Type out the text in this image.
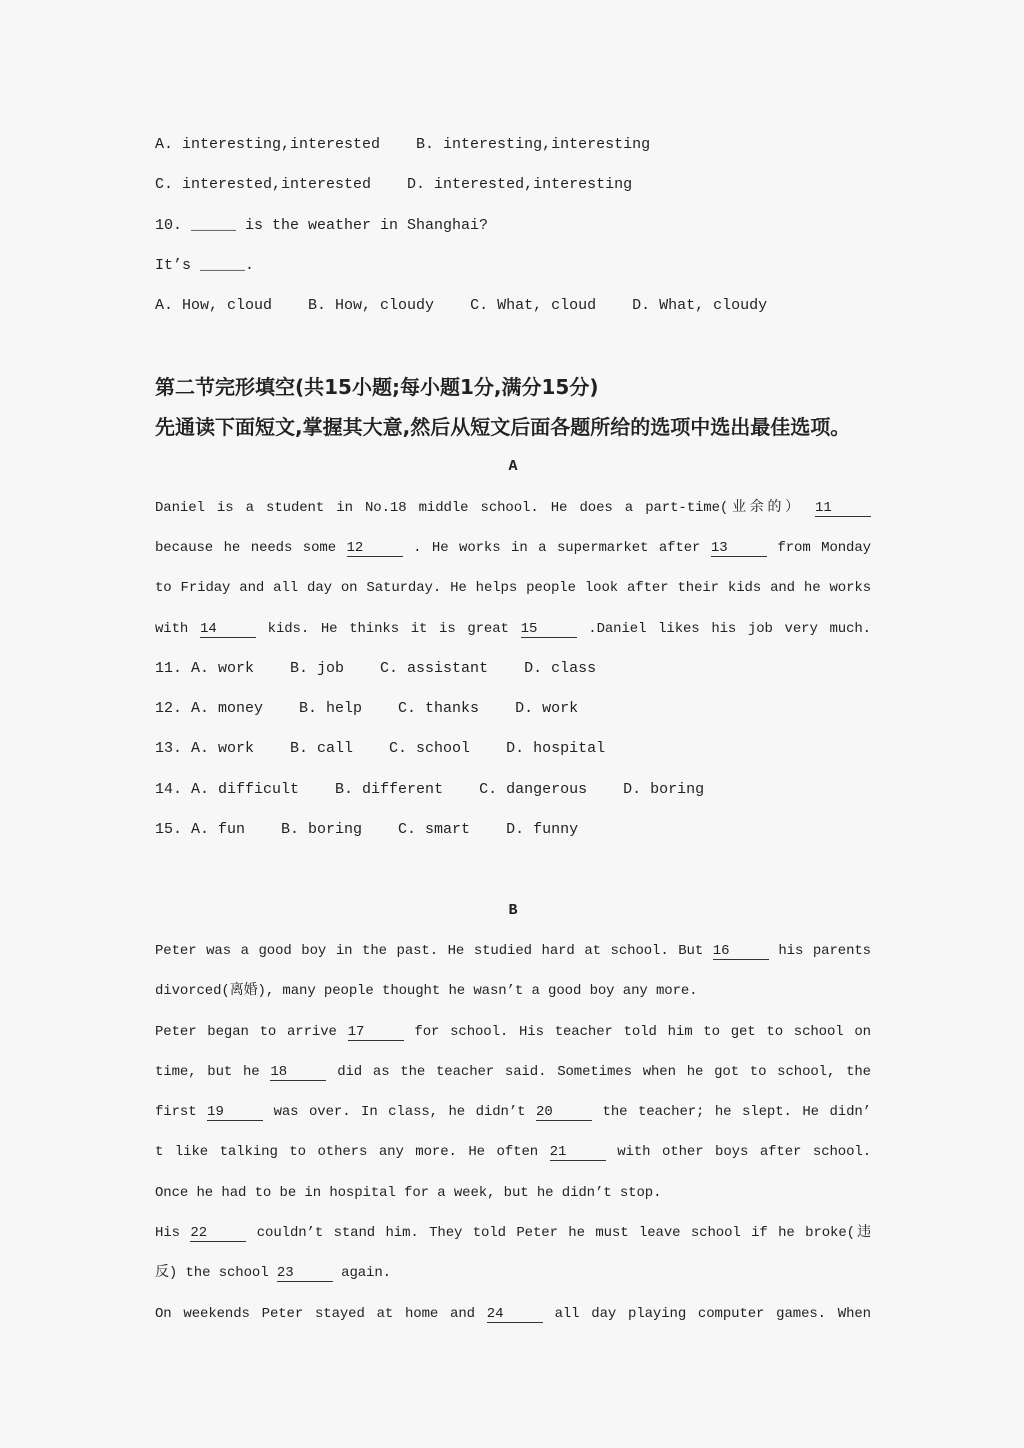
A. interesting,interested B. interesting,interesting
C. interested,interested D. interested,interesting
10. _____ is the weather in Shanghai?
It’s _____.
A. How, cloud B. How, cloudy C. What, cloud D. What, cloudy
第二节完形填空(共15小题;每小题1分,满分15分)
先通读下面短文,掌握其大意,然后从短文后面各题所给的选项中选出最佳选项。
A
Daniel is a student in No.18 middle school. He does a part-time(业余的） 11
because he needs some 12	. He works in a supermarket after 13	from Monday
to Friday and all day on Saturday. He helps people look after their kids and he works
with 14	kids. He thinks it is great 15	.Daniel likes his job very much.
11. A. work B. job C. assistant D. class
12. A. money B. help C. thanks D. work
13. A. work B. call C. school D. hospital
14. A. difficult B. different C. dangerous D. boring
15. A. fun B. boring C. smart D. funny
B
Peter was a good boy in the past. He studied hard at school. But 16	his parents
divorced(离婚), many people thought he wasn’t a good boy any more.
Peter began to arrive 17	for school. His teacher told him to get to school on
time, but he 18	did as the teacher said. Sometimes when he got to school, the
first 19	was over. In class, he didn’t 20	the teacher; he slept. He didn’
t like talking to others any more. He often 21	with other boys after school.
Once he had to be in hospital for a week, but he didn’t stop.
His 22	couldn’t stand him. They told Peter he must leave school if he broke(违
反) the school 23	again.
On weekends Peter stayed at home and 24	all day playing computer games. When
